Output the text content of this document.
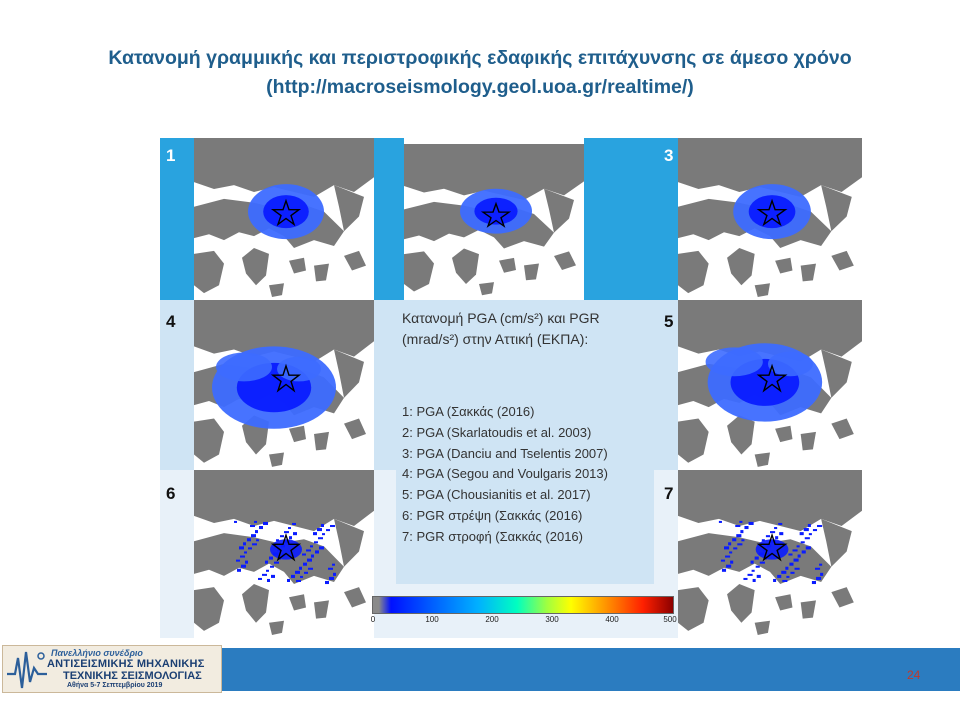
Κατανομή γραμμικής και περιστροφικής εδαφικής επιτάχυνσης σε άμεσο χρόνο
(http://macroseismology.geol.uoa.gr/realtime/)
1	3
4	5
6	7
Κατανομή PGA (cm/s²) και PGR (mrad/s²) στην Αττική (ΕΚΠΑ):
1: PGA (Σακκάς (2016)
2: PGA (Skarlatoudis et al. 2003)
3: PGA (Danciu and Tselentis 2007)
4: PGA (Segou and Voulgaris 2013)
5: PGA (Chousianitis et al. 2017)
6: PGR στρέψη (Σακκάς (2016)
7: PGR στροφή (Σακκάς (2016)
0	100	200	300	400	500
Πανελλήνιο συνέδριο
ΑΝΤΙΣΕΙΣΜΙΚΗΣ ΜΗΧΑΝΙΚΗΣ
ΤΕΧΝΙΚΗΣ ΣΕΙΣΜΟΛΟΓΙΑΣ
Αθήνα 5-7 Σεπτεμβρίου 2019
24
